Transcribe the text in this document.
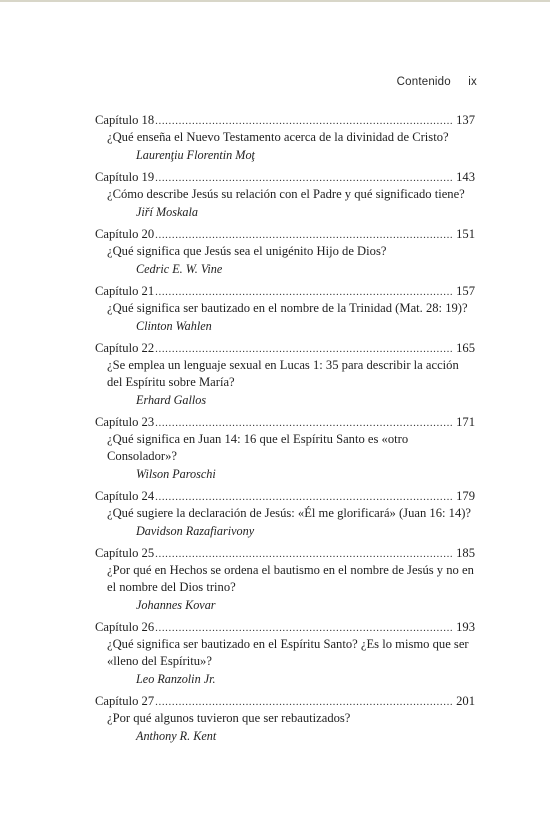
Contenido ix
Capítulo 18 .....	137
¿Qué enseña el Nuevo Testamento acerca de la divinidad de Cristo?
Laurenţiu Florentin Moţ
Capítulo 19 .....	143
¿Cómo describe Jesús su relación con el Padre y qué significado tiene?
Jiří Moskala
Capítulo 20 .....	151
¿Qué significa que Jesús sea el unigénito Hijo de Dios?
Cedric E. W. Vine
Capítulo 21 .....	157
¿Qué significa ser bautizado en el nombre de la Trinidad (Mat. 28: 19)?
Clinton Wahlen
Capítulo 22 .....	165
¿Se emplea un lenguaje sexual en Lucas 1: 35 para describir la acción del Espíritu sobre María?
Erhard Gallos
Capítulo 23 .....	171
¿Qué significa en Juan 14: 16 que el Espíritu Santo es «otro Consolador»?
Wilson Paroschi
Capítulo 24 .....	179
¿Qué sugiere la declaración de Jesús: «Él me glorificará» (Juan 16: 14)?
Davidson Razafiarivony
Capítulo 25 .....	185
¿Por qué en Hechos se ordena el bautismo en el nombre de Jesús y no en el nombre del Dios trino?
Johannes Kovar
Capítulo 26 .....	193
¿Qué significa ser bautizado en el Espíritu Santo? ¿Es lo mismo que ser «lleno del Espíritu»?
Leo Ranzolin Jr.
Capítulo 27 .....	201
¿Por qué algunos tuvieron que ser rebautizados?
Anthony R. Kent
